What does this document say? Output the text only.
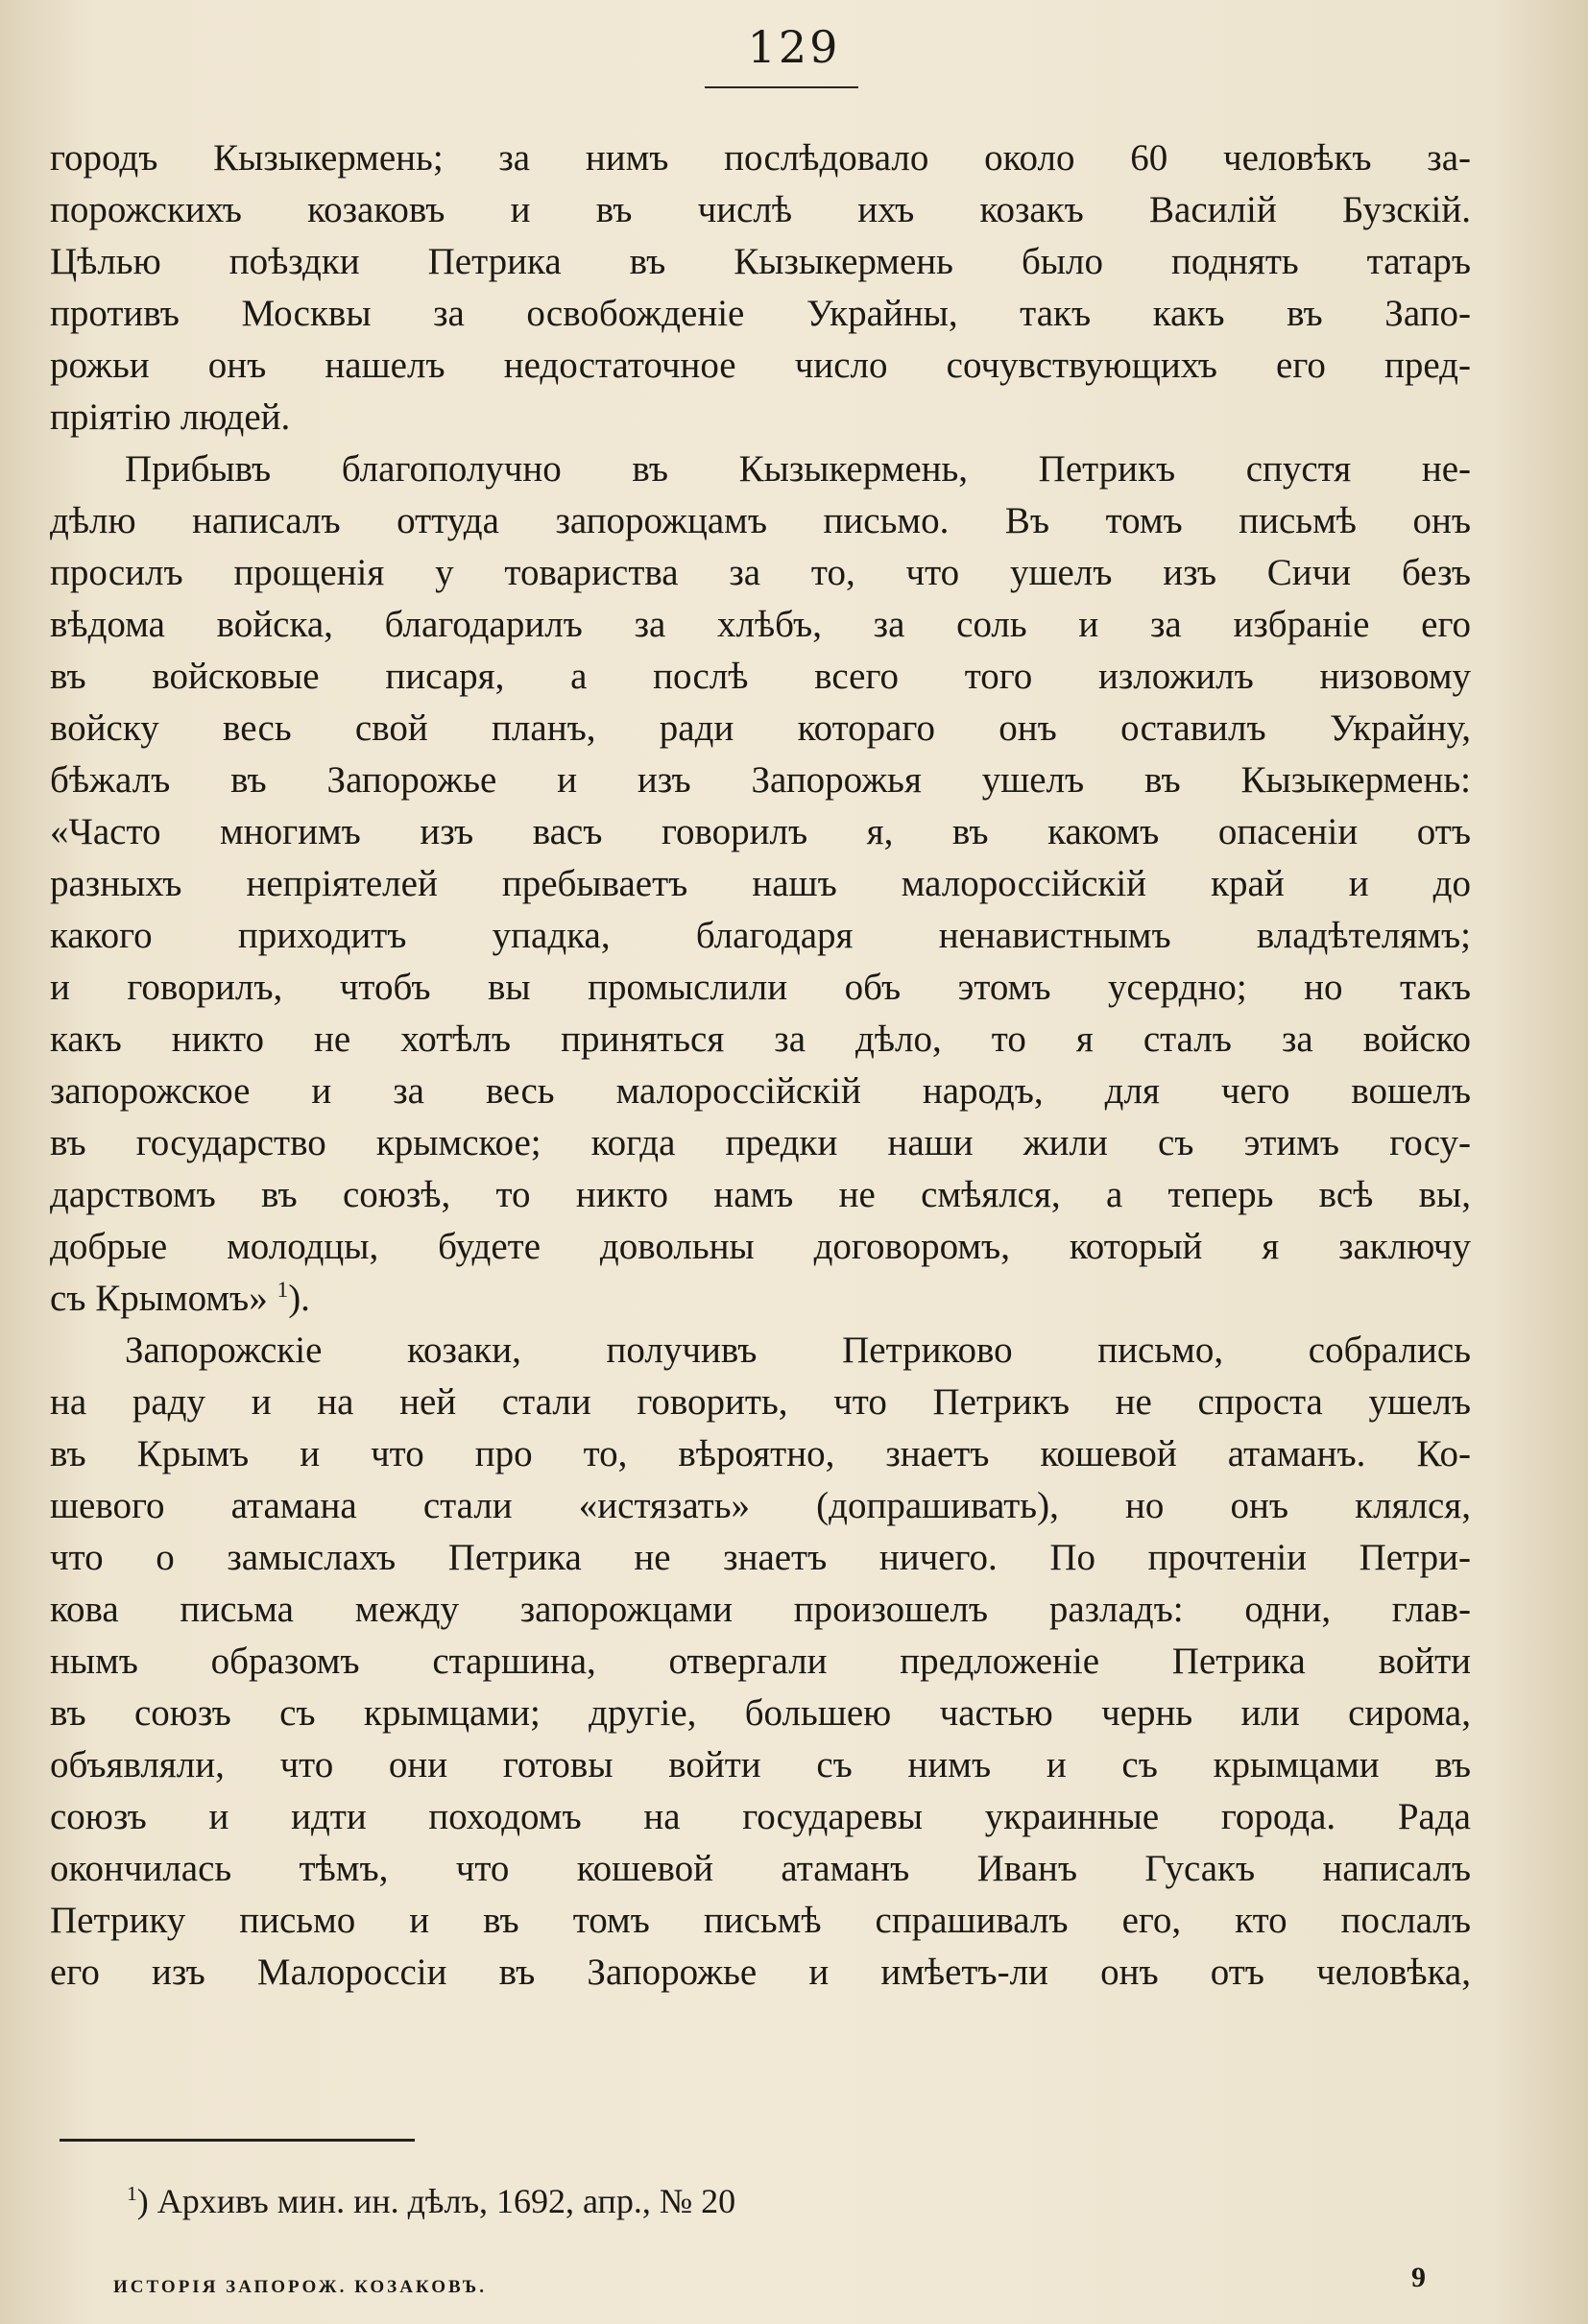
129

городъ Кызыкермень; за нимъ послѣдовало около 60 человѣкъ за-
порожскихъ козаковъ и въ числѣ ихъ козакъ Василій Бузскій.
Цѣлью поѣздки Петрика въ Кызыкермень было поднять татаръ
противъ Москвы за освобожденіе Украйны, такъ какъ въ Запо-
рожьи онъ нашелъ недостаточное число сочувствующихъ его пред-
пріятію людей.

Прибывъ благополучно въ Кызыкермень, Петрикъ спустя не-
дѣлю написалъ оттуда запорожцамъ письмо. Въ томъ письмѣ онъ
просилъ прощенія у товариства за то, что ушелъ изъ Сичи безъ
вѣдома войска, благодарилъ за хлѣбъ, за соль и за избраніе его
въ войсковые писаря, а послѣ всего того изложилъ низовому
войску весь свой планъ, ради котораго онъ оставилъ Украйну,
бѣжалъ въ Запорожье и изъ Запорожья ушелъ въ Кызыкермень:
«Часто многимъ изъ васъ говорилъ я, въ какомъ опасеніи отъ
разныхъ непріятелей пребываетъ нашъ малороссійскій край и до
какого приходитъ упадка, благодаря ненавистнымъ владѣтелямъ;
и говорилъ, чтобъ вы промыслили объ этомъ усердно; но такъ
какъ никто не хотѣлъ приняться за дѣло, то я сталъ за войско
запорожское и за весь малороссійскій народъ, для чего вошелъ
въ государство крымское; когда предки наши жили съ этимъ госу-
дарствомъ въ союзѣ, то никто намъ не смѣялся, а теперь всѣ вы,
добрые молодцы, будете довольны договоромъ, который я заключу
съ Крымомъ» $^1$).

Запорожскіе козаки, получивъ Петриково письмо, собрались
на раду и на ней стали говорить, что Петрикъ не спроста ушелъ
въ Крымъ и что про то, вѣроятно, знаетъ кошевой атаманъ. Ко-
шевого атамана стали «истязать» (допрашивать), но онъ клялся,
что о замыслахъ Петрика не знаетъ ничего. По прочтеніи Петри-
кова письма между запорожцами произошелъ разладъ: одни, глав-
нымъ образомъ старшина, отвергали предложеніе Петрика войти
въ союзъ съ крымцами; другіе, большею частью чернь или сирома,
объявляли, что они готовы войти съ нимъ и съ крымцами въ
союзъ и идти походомъ на государевы украинные города. Рада
окончилась тѣмъ, что кошевой атаманъ Иванъ Гусакъ написалъ
Петрику письмо и въ томъ письмѣ спрашивалъ его, кто послалъ
его изъ Малороссіи въ Запорожье и имѣетъ-ли онъ отъ человѣка,

$^1$) Архивъ мин. ин. дѣлъ, 1692, апр., № 20
ИСТОРІЯ ЗАПОРОЖ. КОЗАКОВЪ.	9
